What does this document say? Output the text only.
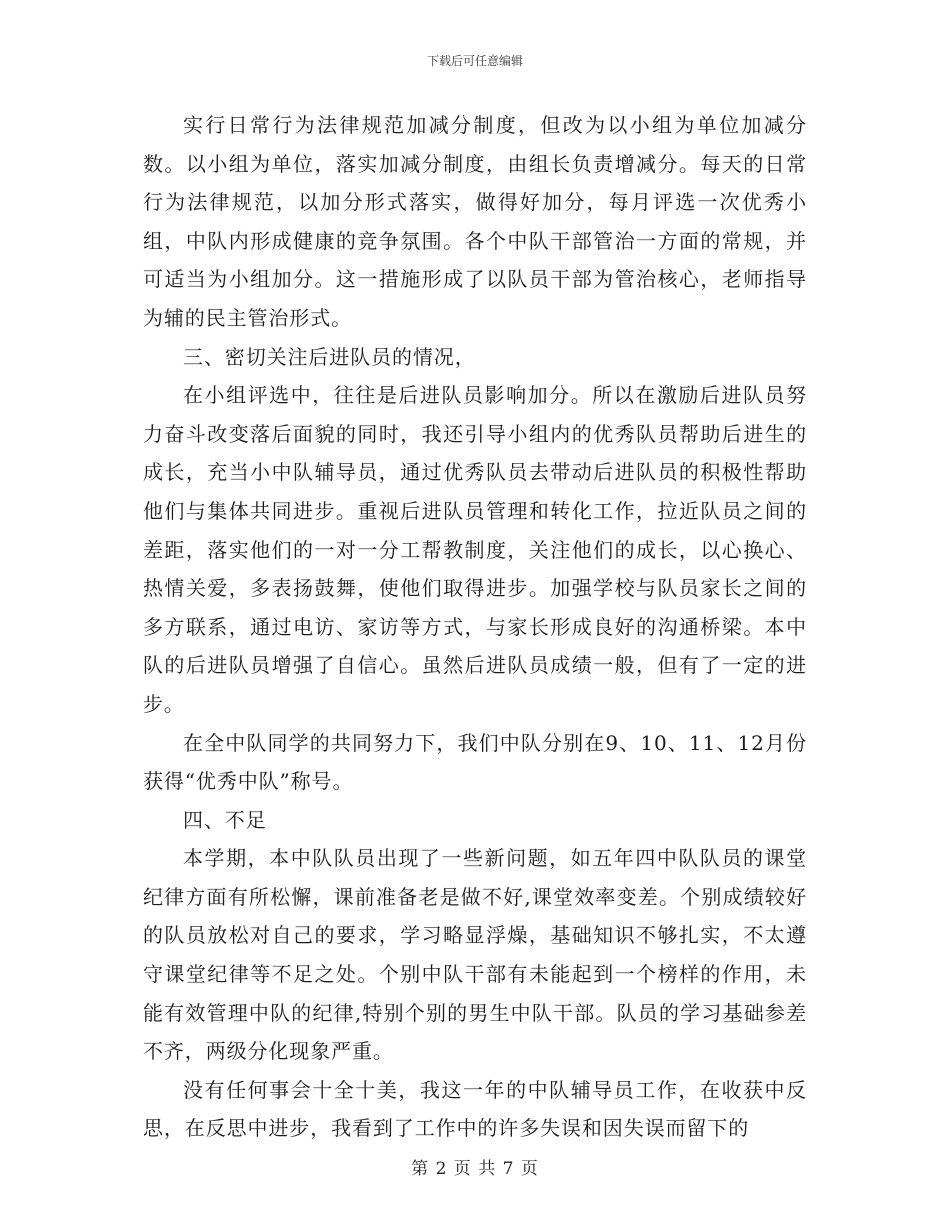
下载后可任意编辑

实行日常行为法律规范加减分制度，但改为以小组为单位加减分数。以小组为单位，落实加减分制度，由组长负责增减分。每天的日常行为法律规范，以加分形式落实，做得好加分，每月评选一次优秀小组，中队内形成健康的竞争氛围。各个中队干部管治一方面的常规，并可适当为小组加分。这一措施形成了以队员干部为管治核心，老师指导为辅的民主管治形式。

三、密切关注后进队员的情况，

在小组评选中，往往是后进队员影响加分。所以在激励后进队员努力奋斗改变落后面貌的同时，我还引导小组内的优秀队员帮助后进生的成长，充当小中队辅导员，通过优秀队员去带动后进队员的积极性帮助他们与集体共同进步。重视后进队员管理和转化工作，拉近队员之间的差距，落实他们的一对一分工帮教制度，关注他们的成长，以心换心、热情关爱，多表扬鼓舞，使他们取得进步。加强学校与队员家长之间的多方联系，通过电访、家访等方式，与家长形成良好的沟通桥梁。本中队的后进队员增强了自信心。虽然后进队员成绩一般，但有了一定的进步。

在全中队同学的共同努力下，我们中队分别在9、10、11、12月份获得“优秀中队”称号。

四、不足

本学期，本中队队员出现了一些新问题，如五年四中队队员的课堂纪律方面有所松懈，课前准备老是做不好,课堂效率变差。个别成绩较好的队员放松对自己的要求，学习略显浮燥，基础知识不够扎实，不太遵守课堂纪律等不足之处。个别中队干部有未能起到一个榜样的作用，未能有效管理中队的纪律,特别个别的男生中队干部。队员的学习基础参差不齐，两级分化现象严重。

没有任何事会十全十美，我这一年的中队辅导员工作，在收获中反思，在反思中进步，我看到了工作中的许多失误和因失误而留下的

第 2 页 共 7 页
